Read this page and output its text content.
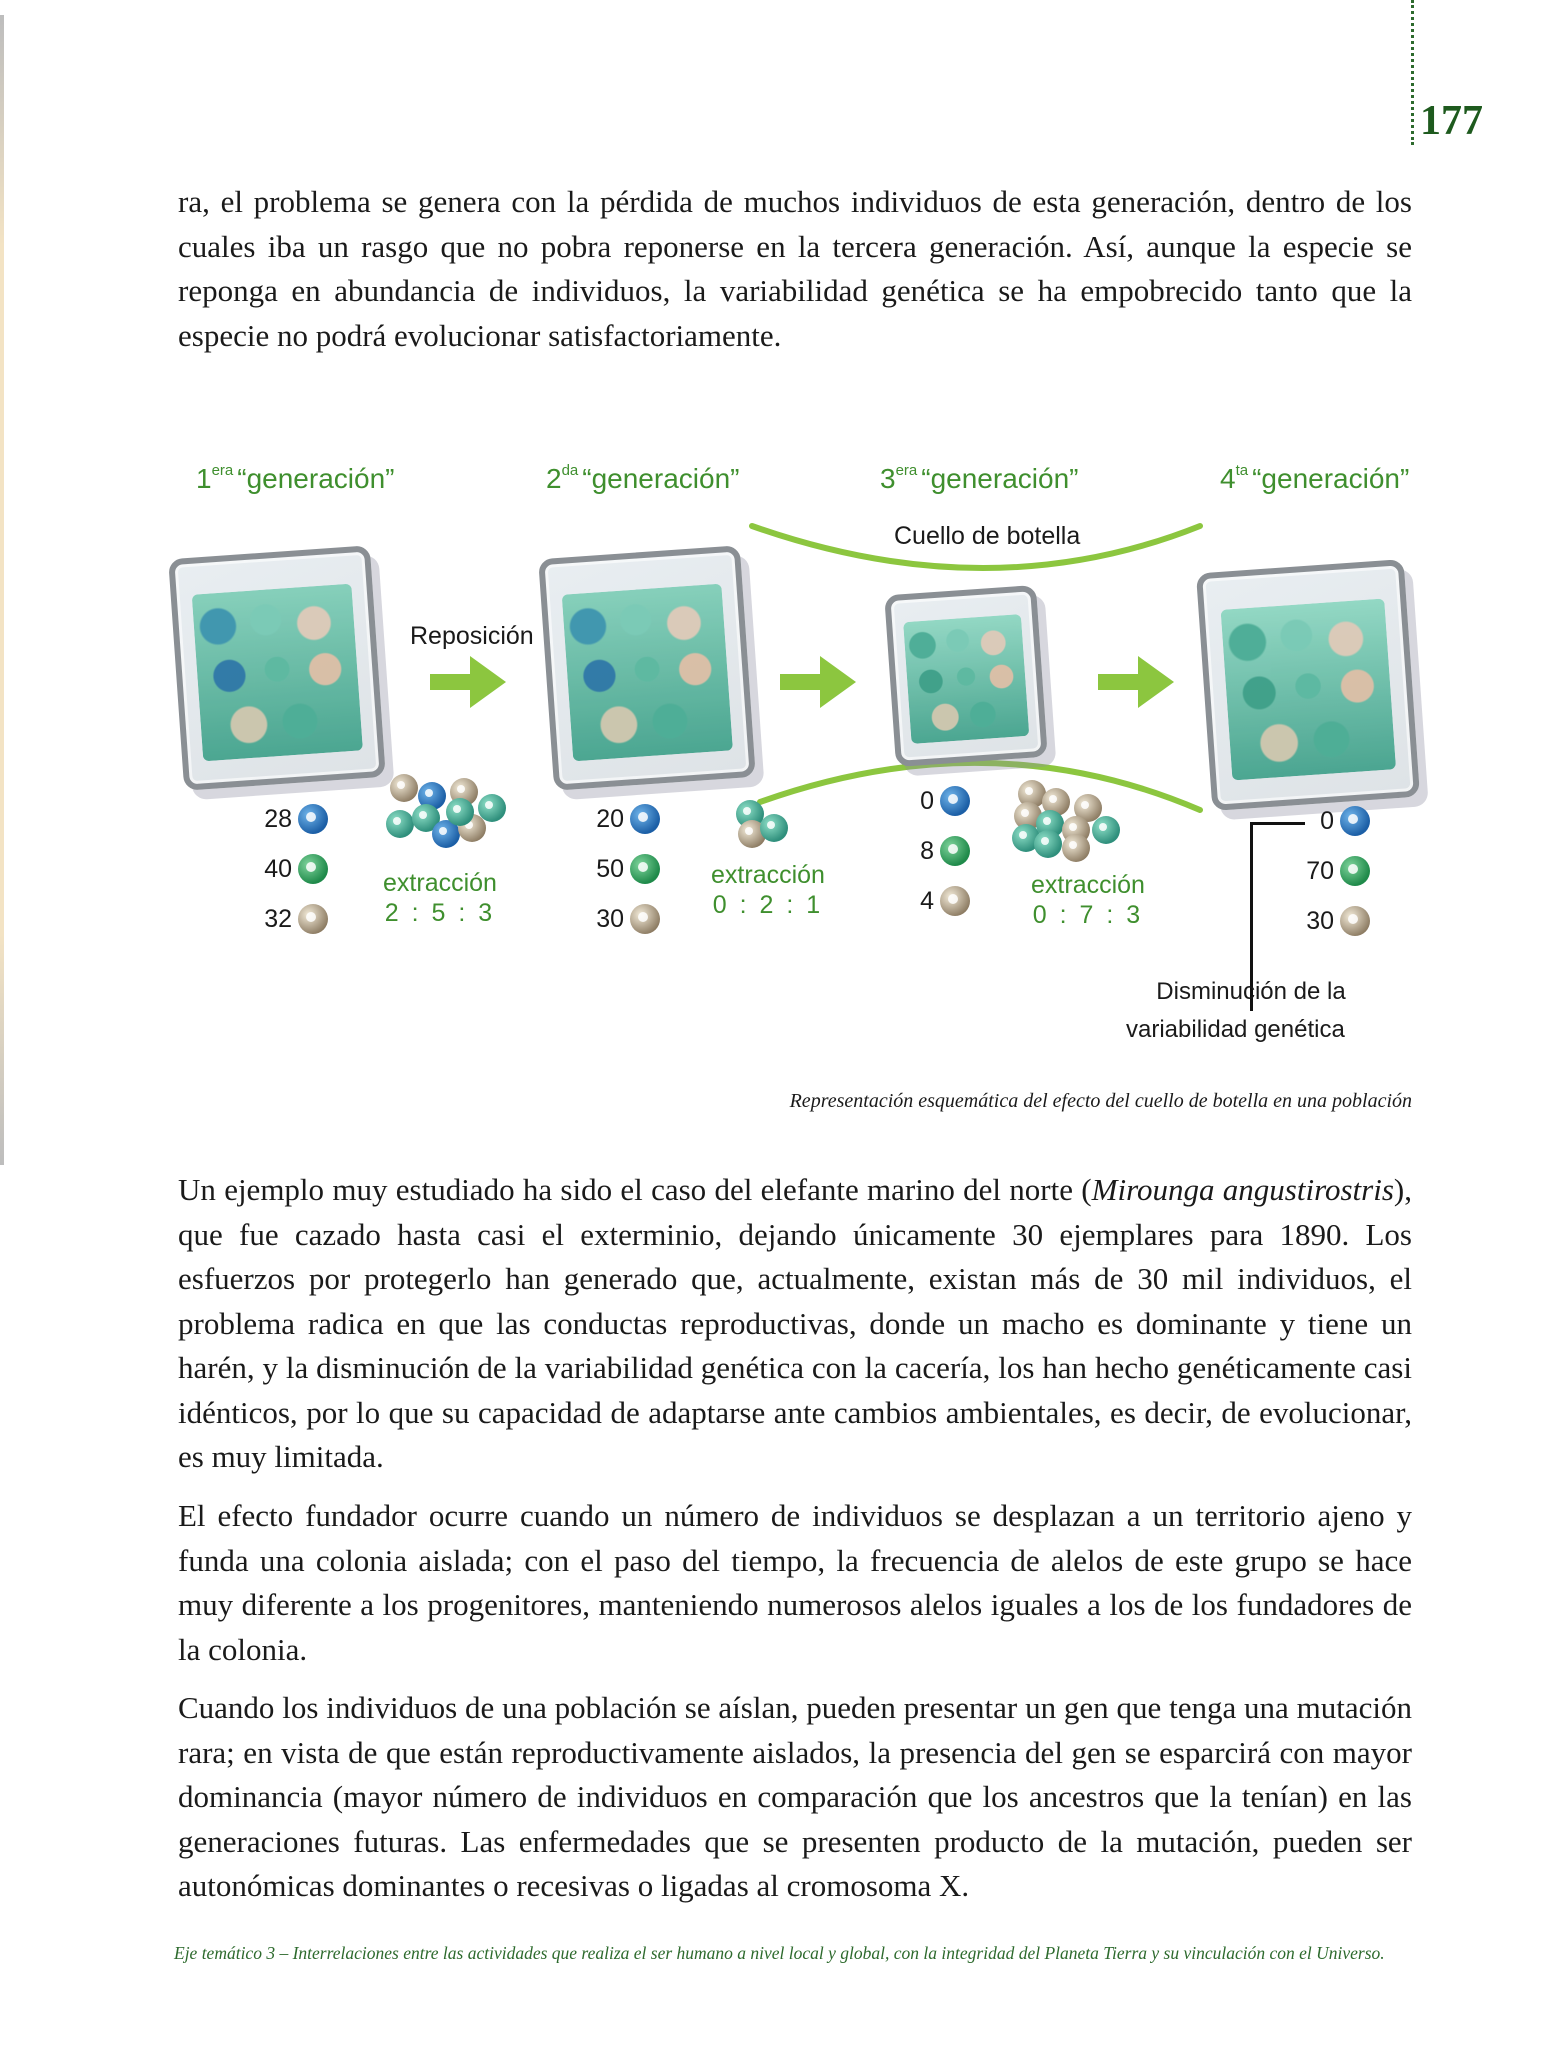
177

ra, el problema se genera con la pérdida de muchos individuos de esta generación, dentro de los cuales iba un rasgo que no pobra reponerse en la tercera generación. Así, aunque la especie se reponga en abundancia de individuos, la variabilidad genética se ha empobrecido tanto que la especie no podrá evolucionar satisfactoriamente.

$1^{era}$ “generación”	$2^{da}$ “generación”	$3^{era}$ “generación”	$4^{ta}$ “generación”
Cuello de botella
Reposición
28
40
32
extracción
2 : 5 : 3
20
50
30
extracción
0 : 2 : 1
0
8
4
extracción
0 : 7 : 3
0
70
30
Disminución de la
variabilidad genética
Representación esquemática del efecto del cuello de botella en una población

Un ejemplo muy estudiado ha sido el caso del elefante marino del norte (Mirounga angustirostris), que fue cazado hasta casi el exterminio, dejando únicamente 30 ejemplares para 1890. Los esfuerzos por protegerlo han generado que, actualmente, existan más de 30 mil individuos, el problema radica en que las conductas reproductivas, donde un macho es dominante y tiene un harén, y la disminución de la variabilidad genética con la cacería, los han hecho genéticamente casi idénticos, por lo que su capacidad de adaptarse ante cambios ambientales, es decir, de evolucionar, es muy limitada.

El efecto fundador ocurre cuando un número de individuos se desplazan a un territorio ajeno y funda una colonia aislada; con el paso del tiempo, la frecuencia de alelos de este grupo se hace muy diferente a los progenitores, manteniendo numerosos alelos iguales a los de los fundadores de la colonia.

Cuando los individuos de una población se aíslan, pueden presentar un gen que tenga una mutación rara; en vista de que están reproductivamente aislados, la presencia del gen se esparcirá con mayor dominancia (mayor número de individuos en comparación que los ancestros que la tenían) en las generaciones futuras. Las enfermedades que se presenten producto de la mutación, pueden ser autonómicas dominantes o recesivas o ligadas al cromosoma X.

Eje temático 3 – Interrelaciones entre las actividades que realiza el ser humano a nivel local y global, con la integridad del Planeta Tierra y su vinculación con el Universo.
